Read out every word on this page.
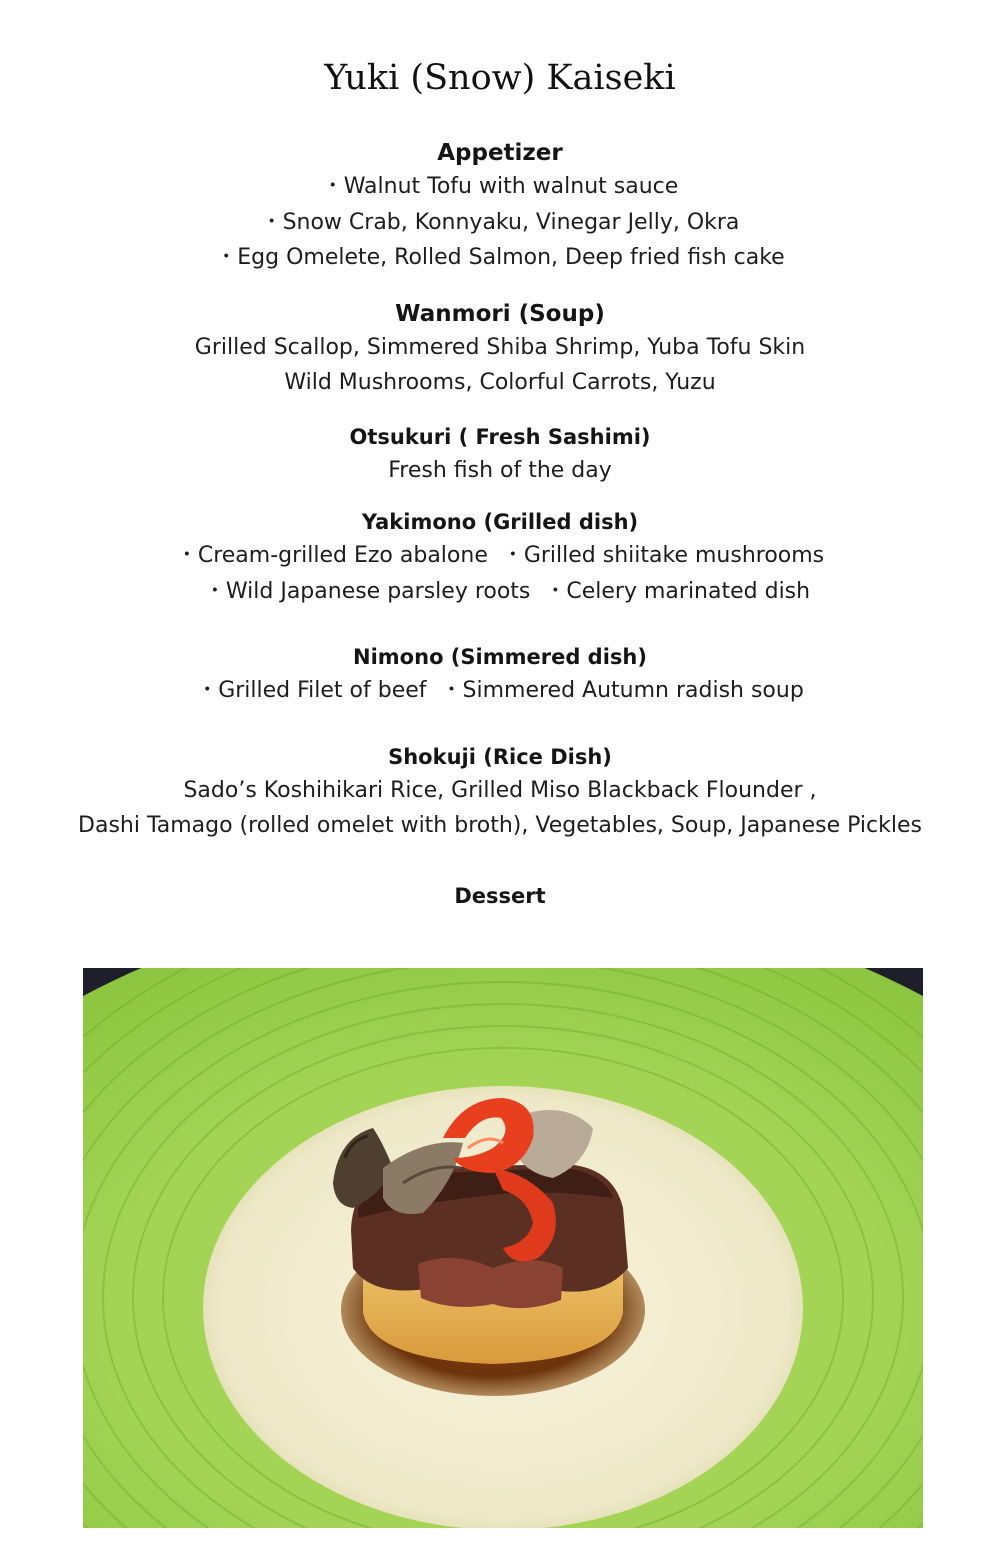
Yuki (Snow) Kaiseki
Appetizer
・Walnut Tofu with walnut sauce
・Snow Crab, Konnyaku, Vinegar Jelly, Okra
・Egg Omelete, Rolled Salmon, Deep fried fish cake
Wanmori (Soup)
Grilled Scallop, Simmered Shiba Shrimp, Yuba Tofu Skin
Wild Mushrooms, Colorful Carrots, Yuzu
Otsukuri ( Fresh Sashimi)
Fresh fish of the day
Yakimono (Grilled dish)
・Cream-grilled Ezo abalone  ・Grilled shiitake mushrooms
・Wild Japanese parsley roots  ・Celery marinated dish
Nimono (Simmered dish)
・Grilled Filet of beef  ・Simmered Autumn radish soup
Shokuji (Rice Dish)
Sado’s Koshihikari Rice, Grilled Miso Blackback Flounder ,
Dashi Tamago (rolled omelet with broth), Vegetables, Soup, Japanese Pickles
Dessert
